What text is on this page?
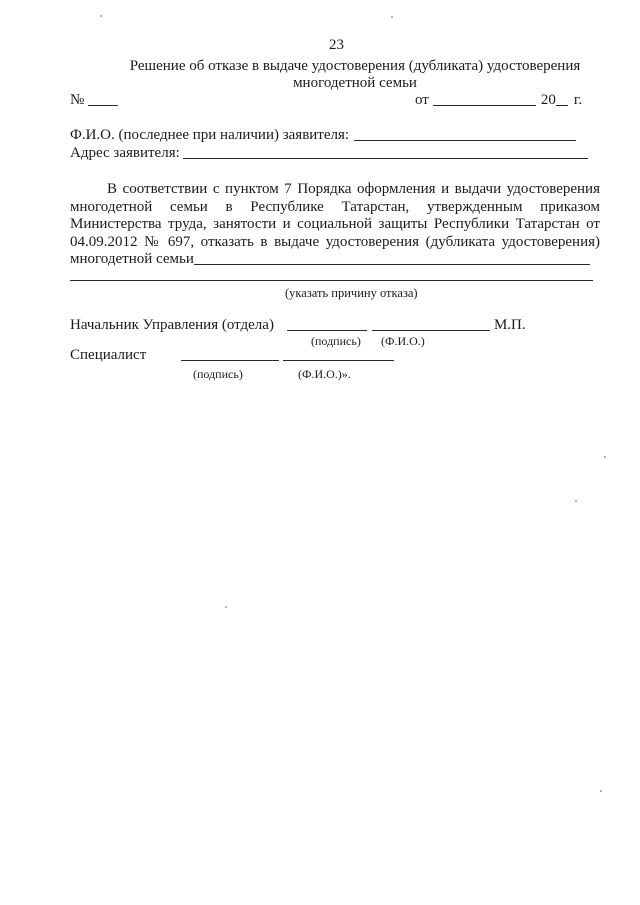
23
Решение об отказе в выдаче удостоверения (дубликата) удостоверения
многодетной семьи
№	от	20 г.
Ф.И.О. (последнее при наличии) заявителя:
Адрес заявителя:
В соответствии с пунктом 7 Порядка оформления и выдачи удостоверения
многодетной семьи в Республике Татарстан, утвержденным приказом
Министерства труда, занятости и социальной защиты Республики Татарстан от
04.09.2012 № 697, отказать в выдаче удостоверения (дубликата удостоверения)
многодетной семьи
(указать причину отказа)
Начальник Управления (отдела)	М.П.
(подпись) (Ф.И.О.)
Специалист
(подпись)	(Ф.И.О.)».
